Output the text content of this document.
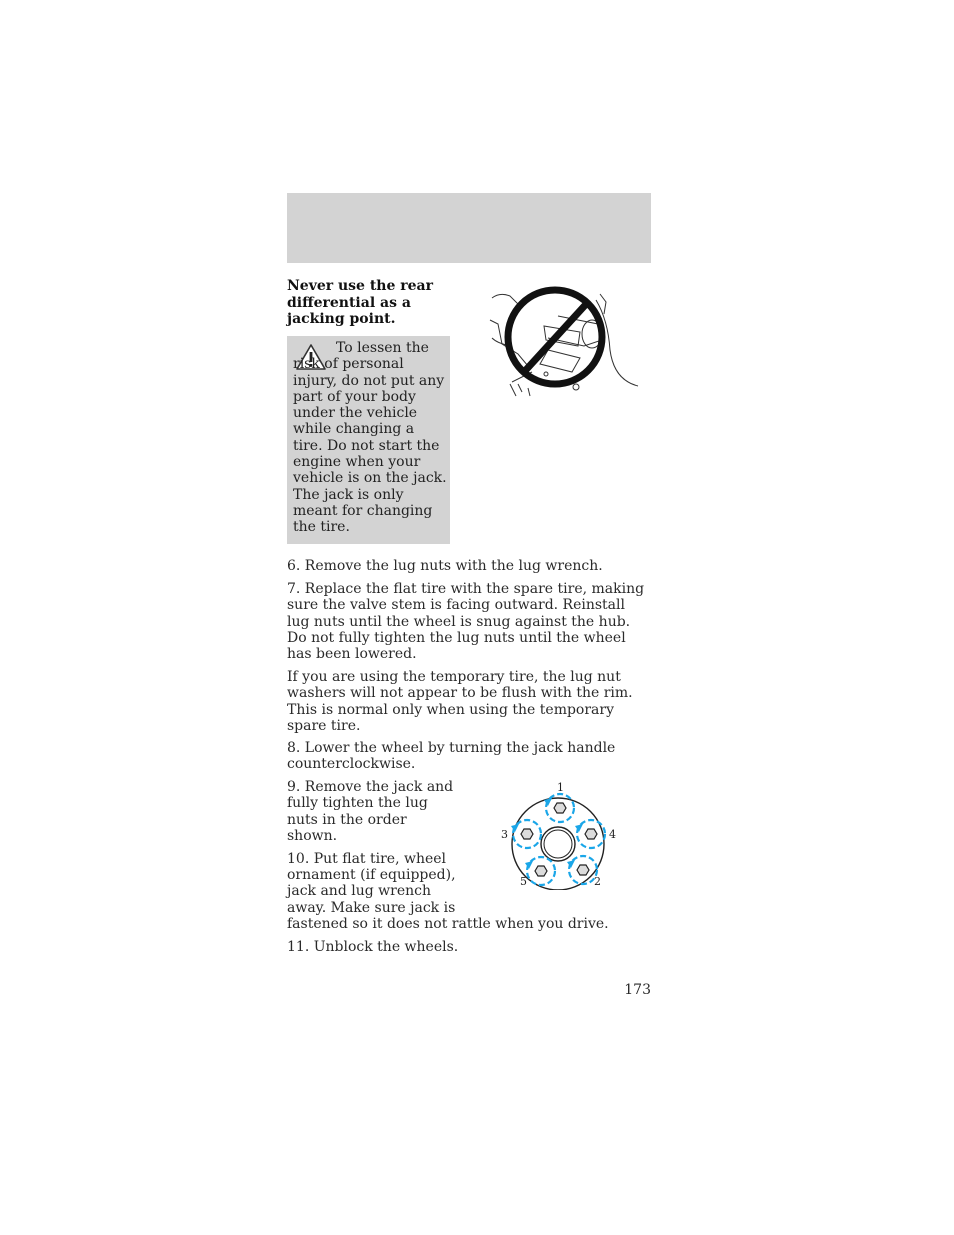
Never use the rear differential as a jacking point.
To lessen the risk of personal injury, do not put any part of your body under the vehicle while changing a tire. Do not start the engine when your vehicle is on the jack. The jack is only meant for changing the tire.

6. Remove the lug nuts with the lug wrench.

7. Replace the flat tire with the spare tire, making sure the valve stem is facing outward. Reinstall lug nuts until the wheel is snug against the hub. Do not fully tighten the lug nuts until the wheel has been lowered.

If you are using the temporary tire, the lug nut washers will not appear to be flush with the rim. This is normal only when using the temporary spare tire.

8. Lower the wheel by turning the jack handle counterclockwise.

9. Remove the jack and fully tighten the lug nuts in the order shown.

10. Put flat tire, wheel

ornament (if equipped),

jack and lug wrench

away. Make sure jack is

fastened so it does not rattle when you drive.

11. Unblock the wheels.

1
2
3	4
5
173
